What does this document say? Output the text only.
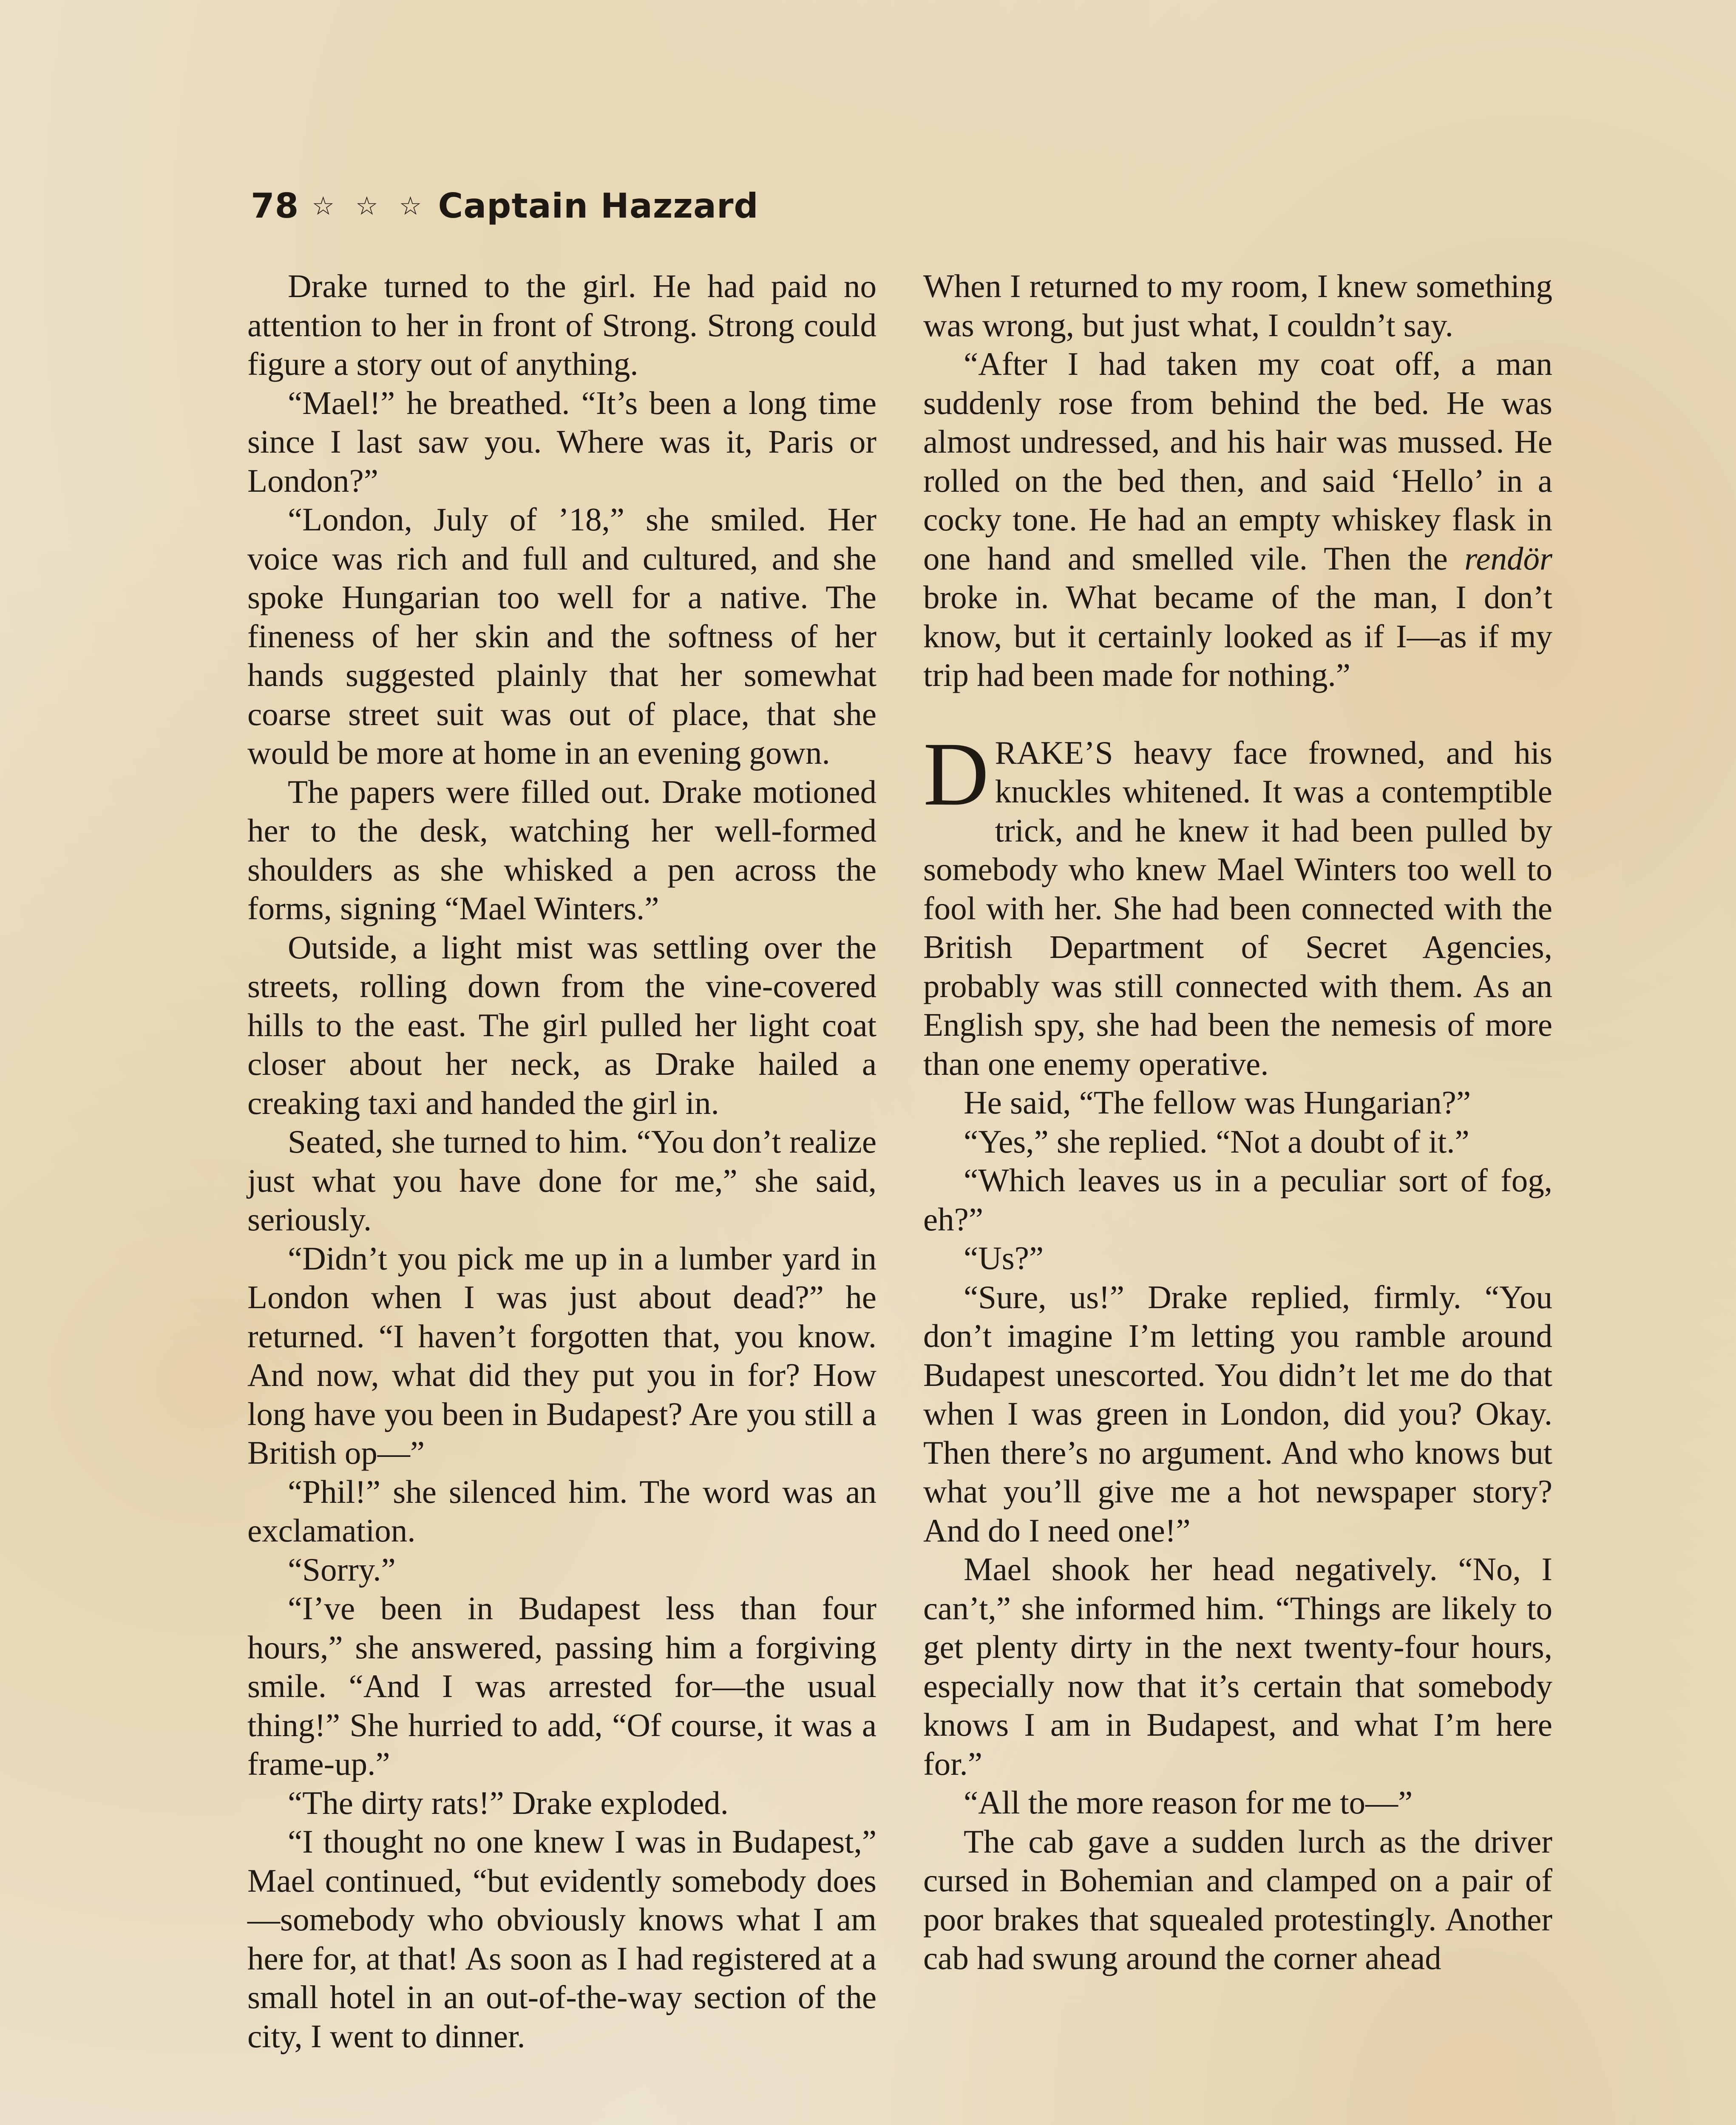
78 ☆ ☆ ☆ Captain Hazzard

Drake turned to the girl. He had paid no attention to her in front of Strong. Strong could figure a story out of anything.

“Mael!” he breathed. “It’s been a long time since I last saw you. Where was it, Paris or London?”

“London, July of ’18,” she smiled. Her voice was rich and full and cultured, and she spoke Hungarian too well for a native. The fineness of her skin and the softness of her hands suggested plainly that her somewhat coarse street suit was out of place, that she would be more at home in an evening gown.

The papers were filled out. Drake motioned her to the desk, watching her well-formed shoulders as she whisked a pen across the forms, signing “Mael Winters.”

Outside, a light mist was settling over the streets, rolling down from the vine-covered hills to the east. The girl pulled her light coat closer about her neck, as Drake hailed a creaking taxi and handed the girl in.

Seated, she turned to him. “You don’t realize just what you have done for me,” she said, seriously.

“Didn’t you pick me up in a lumber yard in London when I was just about dead?” he returned. “I haven’t forgotten that, you know. And now, what did they put you in for? How long have you been in Budapest? Are you still a British op—”

“Phil!” she silenced him. The word was an exclamation.

“Sorry.”

“I’ve been in Budapest less than four hours,” she answered, passing him a forgiving smile. “And I was arrested for—the usual thing!” She hurried to add, “Of course, it was a frame-up.”

“The dirty rats!” Drake exploded.

“I thought no one knew I was in Budapest,” Mael continued, “but evidently somebody does—somebody who obviously knows what I am here for, at that! As soon as I had registered at a small hotel in an out-of-the-way section of the city, I went to dinner.

When I returned to my room, I knew something was wrong, but just what, I couldn’t say.

“After I had taken my coat off, a man suddenly rose from behind the bed. He was almost undressed, and his hair was mussed. He rolled on the bed then, and said ‘Hello’ in a cocky tone. He had an empty whiskey flask in one hand and smelled vile. Then the rendör broke in. What became of the man, I don’t know, but it certainly looked as if I—as if my trip had been made for nothing.”

DRAKE’S heavy face frowned, and his knuckles whitened. It was a contemptible trick, and he knew it had been pulled by somebody who knew Mael Winters too well to fool with her. She had been connected with the British Department of Secret Agencies, probably was still connected with them. As an English spy, she had been the nemesis of more than one enemy operative.

He said, “The fellow was Hungarian?”

“Yes,” she replied. “Not a doubt of it.”

“Which leaves us in a peculiar sort of fog, eh?”

“Us?”

“Sure, us!” Drake replied, firmly. “You don’t imagine I’m letting you ramble around Budapest unescorted. You didn’t let me do that when I was green in London, did you? Okay. Then there’s no argument. And who knows but what you’ll give me a hot newspaper story? And do I need one!”

Mael shook her head negatively. “No, I can’t,” she informed him. “Things are likely to get plenty dirty in the next twenty-four hours, especially now that it’s certain that somebody knows I am in Budapest, and what I’m here for.”

“All the more reason for me to—”

The cab gave a sudden lurch as the driver cursed in Bohemian and clamped on a pair of poor brakes that squealed protestingly. Another cab had swung around the corner ahead
